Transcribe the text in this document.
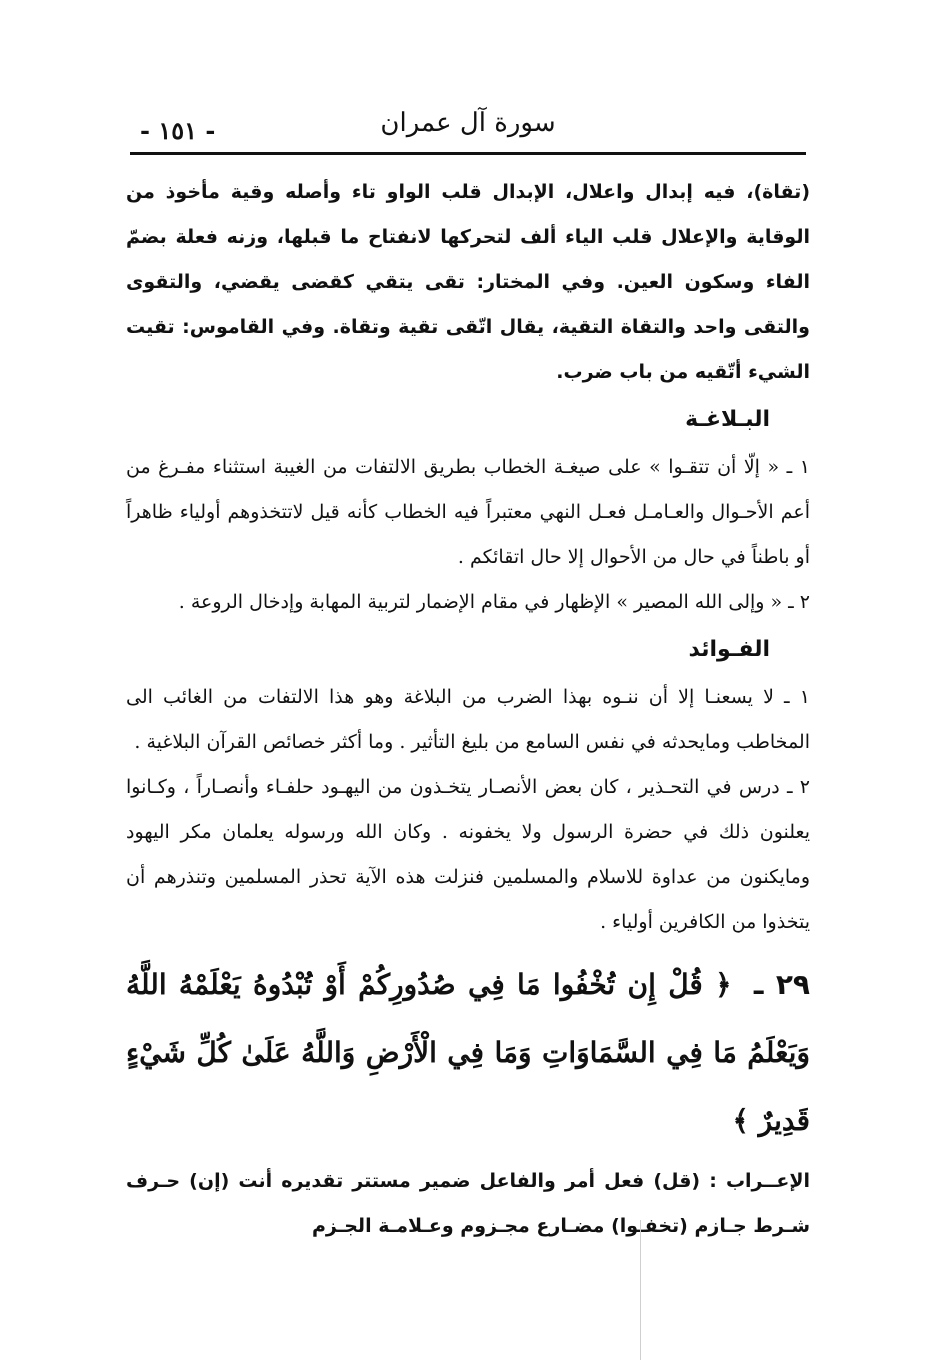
- ١٥١ -	سورة آل عمران

(تقاة)، فيه إبدال واعلال، الإبدال قلب الواو تاء وأصله وقية مأخوذ من الوقاية والإعلال قلب الياء ألف لتحركها لانفتاح ما قبلها، وزنه فعلة بضمّ الفاء وسكون العين. وفي المختار: تقى يتقي كقضى يقضي، والتقوى والتقى واحد والتقاة التقية، يقال اتّقى تقية وتقاة. وفي القاموس: تقيت الشيء أتّقيه من باب ضرب.

البـلاغـة

١ ـ « إلّا أن تتقـوا » على صيغـة الخطاب بطريق الالتفات من الغيبة استثناء مفـرغ من أعم الأحـوال والعـامـل فعـل النهي معتبراً فيه الخطاب كأنه قيل لاتتخذوهم أولياء ظاهراً أو باطناً في حال من الأحوال إلا حال اتقائكم .

٢ ـ « وإلى الله المصير » الإظهار في مقام الإضمار لتربية المهابة وإدخال الروعة .

الفـوائد

١ ـ لا يسعنـا إلا أن ننـوه بهذا الضرب من البلاغة وهو هذا الالتفات من الغائب الى المخاطب ومايحدثه في نفس السامع من بليغ التأثير . وما أكثر خصائص القرآن البلاغية .

٢ ـ درس في التحـذير ، كان بعض الأنصـار يتخـذون من اليهـود حلفـاء وأنصـاراً ، وكـانوا يعلنون ذلك في حضرة الرسول ولا يخفونه . وكان الله ورسوله يعلمان مكر اليهود ومايكنون من عداوة للاسلام والمسلمين فنزلت هذه الآية تحذر المسلمين وتنذرهم أن يتخذوا من الكافرين أولياء .

٢٩ ـ ﴿ قُلْ إِن تُخْفُوا مَا فِي صُدُورِكُمْ أَوْ تُبْدُوهُ يَعْلَمْهُ اللَّهُ وَيَعْلَمُ مَا فِي السَّمَاوَاتِ وَمَا فِي الْأَرْضِ وَاللَّهُ عَلَىٰ كُلِّ شَيْءٍ قَدِيرٌ ﴾

الإعــراب : (قل) فعل أمر والفاعل ضمير مستتر تقديره أنت (إن) حـرف شـرط جـازم (تخفـوا) مضـارع مجـزوم وعـلامـة الجـزم
